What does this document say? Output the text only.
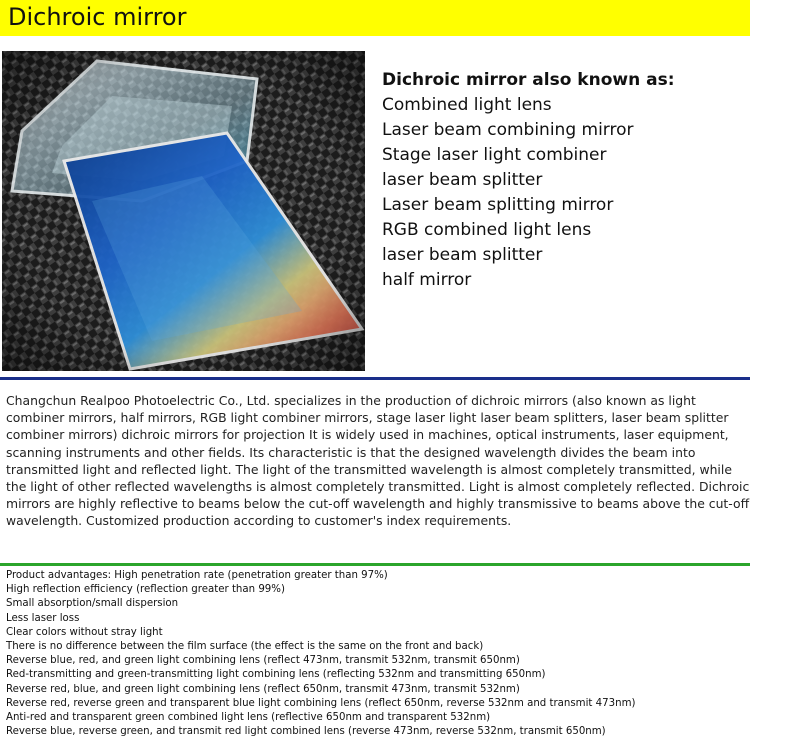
Dichroic mirror
Dichroic mirror also known as:
Combined light lens
Laser beam combining mirror
Stage laser light combiner
laser beam splitter
Laser beam splitting mirror
RGB combined light lens
laser beam splitter
half mirror

Changchun Realpoo Photoelectric Co., Ltd. specializes in the production of dichroic mirrors (also known as light combiner mirrors, half mirrors, RGB light combiner mirrors, stage laser light laser beam splitters, laser beam splitter combiner mirrors) dichroic mirrors for projection It is widely used in machines, optical instruments, laser equipment, scanning instruments and other fields. Its characteristic is that the designed wavelength divides the beam into transmitted light and reflected light. The light of the transmitted wavelength is almost completely transmitted, while the light of other reflected wavelengths is almost completely transmitted. Light is almost completely reflected. Dichroic mirrors are highly reflective to beams below the cut-off wavelength and highly transmissive to beams above the cut-off wavelength. Customized production according to customer's index requirements.

Product advantages: High penetration rate (penetration greater than 97%)
High reflection efficiency (reflection greater than 99%)
Small absorption/small dispersion
Less laser loss
Clear colors without stray light
There is no difference between the film surface (the effect is the same on the front and back)
Reverse blue, red, and green light combining lens (reflect 473nm, transmit 532nm, transmit 650nm)
Red-transmitting and green-transmitting light combining lens (reflecting 532nm and transmitting 650nm)
Reverse red, blue, and green light combining lens (reflect 650nm, transmit 473nm, transmit 532nm)
Reverse red, reverse green and transparent blue light combining lens (reflect 650nm, reverse 532nm and transmit 473nm)
Anti-red and transparent green combined light lens (reflective 650nm and transparent 532nm)
Reverse blue, reverse green, and transmit red light combined lens (reverse 473nm, reverse 532nm, transmit 650nm)
